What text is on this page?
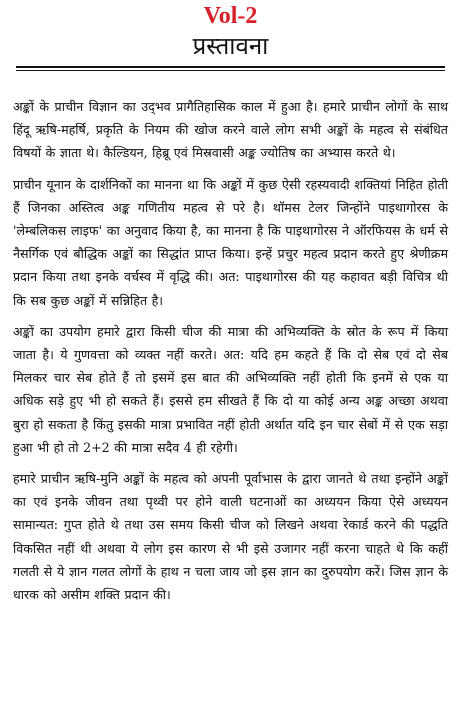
Vol-2
प्रस्तावना

अङ्कों के प्राचीन विज्ञान का उद्‌भव प्रागैतिहासिक काल में हुआ है। हमारे प्राचीन लोगों के साथ हिंदू ऋषि-महर्षि, प्रकृति के नियम की खोज करने वाले लोग सभी अङ्कों के महत्व से संबंधित विषयों के ज्ञाता थे। कैल्डियन, हिब्रू एवं मिस्रवासी अङ्क ज्योतिष का अभ्यास करते थे।

प्राचीन यूनान के दार्शनिकों का मानना था कि अङ्कों में कुछ ऐसी रहस्यवादी शक्तियां निहित होती हैं जिनका अस्तित्व अङ्क गणितीय महत्व से परे है। थॉमस टेलर जिन्होंने पाइथागोरस के 'लेम्बलिकस लाइफ' का अनुवाद किया है, का मानना है कि पाइथागोरस ने ऑरफियस के धर्म से नैसर्गिक एवं बौद्धिक अङ्कों का सिद्धांत प्राप्त किया। इन्हें प्रचुर महत्व प्रदान करते हुए श्रेणीक्रम प्रदान किया तथा इनके वर्चस्व में वृद्धि की। अत: पाइथागोरस की यह कहावत बड़ी विचित्र थी कि सब कुछ अङ्कों में सन्निहित है।

अङ्कों का उपयोग हमारे द्वारा किसी चीज की मात्रा की अभिव्यक्ति के स्रोत के रूप में किया जाता है। ये गुणवत्ता को व्यक्त नहीं करते। अत: यदि हम कहते हैं कि दो सेब एवं दो सेब मिलकर चार सेब होते हैं तो इसमें इस बात की अभिव्यक्ति नहीं होती कि इनमें से एक या अधिक सड़े हुए भी हो सकते हैं। इससे हम सीखते हैं कि दो या कोई अन्य अङ्क अच्छा अथवा बुरा हो सकता है किंतु इसकी मात्रा प्रभावित नहीं होती अर्थात यदि इन चार सेबों में से एक सड़ा हुआ भी हो तो 2+2 की मात्रा सदैव 4 ही रहेगी।

हमारे प्राचीन ऋषि-मुनि अङ्कों के महत्व को अपनी पूर्वाभास के द्वारा जानते थे तथा इन्होंने अङ्कों का एवं इनके जीवन तथा पृथ्वी पर होने वाली घटनाओं का अध्ययन किया ऐसे अध्ययन सामान्यत: गुप्त होते थे तथा उस समय किसी चीज को लिखने अथवा रेकार्ड करने की पद्धति विकसित नहीं थी अथवा ये लोग इस कारण से भी इसे उजागर नहीं करना चाहते थे कि कहीं गलती से ये ज्ञान गलत लोगों के हाथ न चला जाय जो इस ज्ञान का दुरुपयोग करें। जिस ज्ञान के धारक को असीम शक्ति प्रदान की।
